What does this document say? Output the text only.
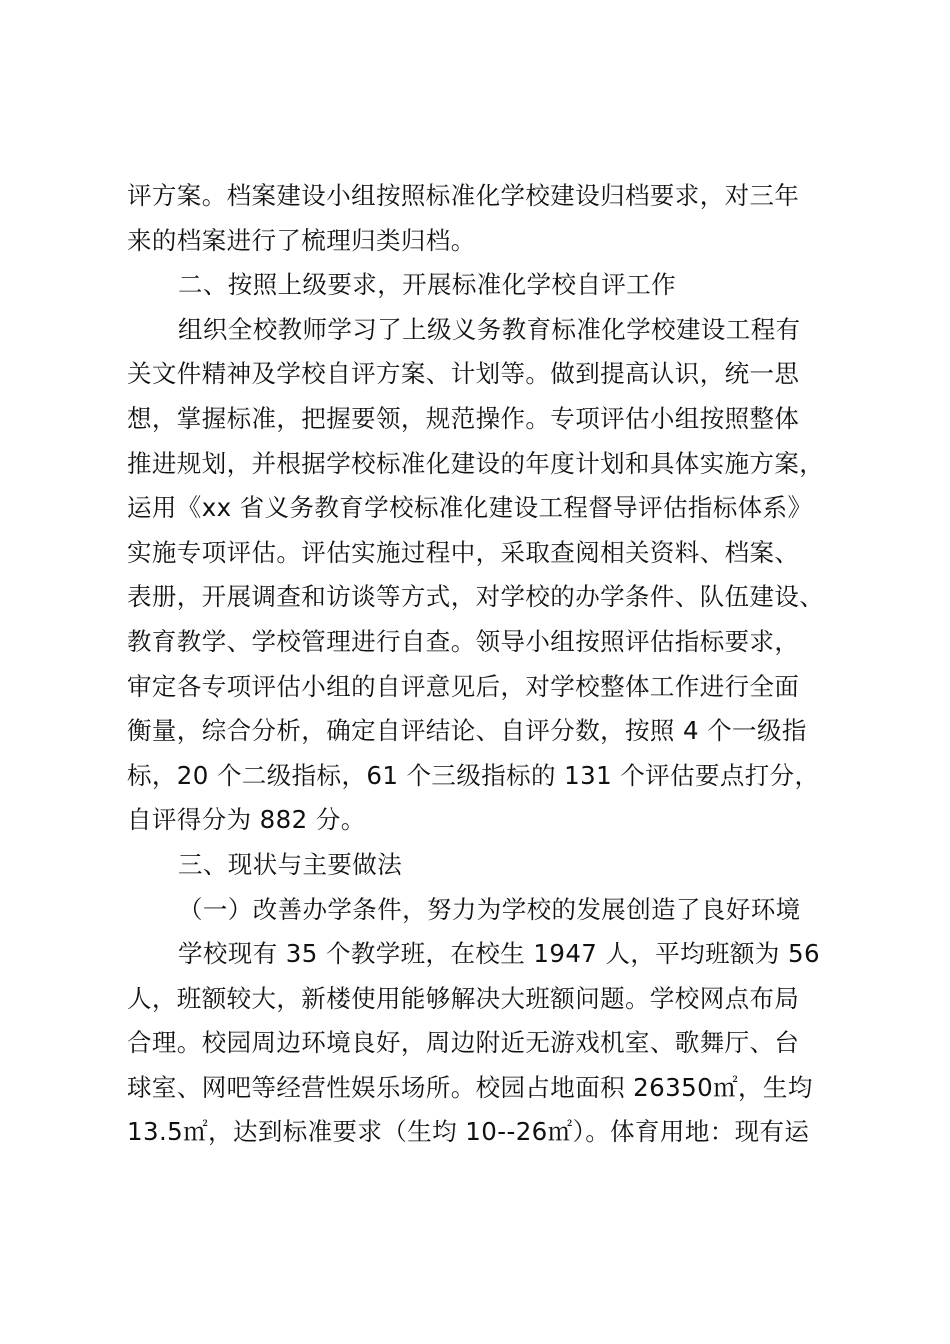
评方案。档案建设小组按照标准化学校建设归档要求，对三年
来的档案进行了梳理归类归档。
二、按照上级要求，开展标准化学校自评工作
组织全校教师学习了上级义务教育标准化学校建设工程有
关文件精神及学校自评方案、计划等。做到提高认识，统一思
想，掌握标准，把握要领，规范操作。专项评估小组按照整体
推进规划，并根据学校标准化建设的年度计划和具体实施方案，
运用《xx 省义务教育学校标准化建设工程督导评估指标体系》
实施专项评估。评估实施过程中，采取查阅相关资料、档案、
表册，开展调查和访谈等方式，对学校的办学条件、队伍建设、
教育教学、学校管理进行自查。领导小组按照评估指标要求，
审定各专项评估小组的自评意见后，对学校整体工作进行全面
衡量，综合分析，确定自评结论、自评分数，按照 4 个一级指
标，20 个二级指标，61 个三级指标的 131 个评估要点打分，
自评得分为 882 分。
三、现状与主要做法
（一）改善办学条件，努力为学校的发展创造了良好环境
学校现有 35 个教学班，在校生 1947 人，平均班额为 56
人，班额较大，新楼使用能够解决大班额问题。学校网点布局
合理。校园周边环境良好，周边附近无游戏机室、歌舞厅、台
球室、网吧等经营性娱乐场所。校园占地面积 26350㎡，生均
13.5㎡，达到标准要求（生均 10--26㎡）。体育用地：现有运
